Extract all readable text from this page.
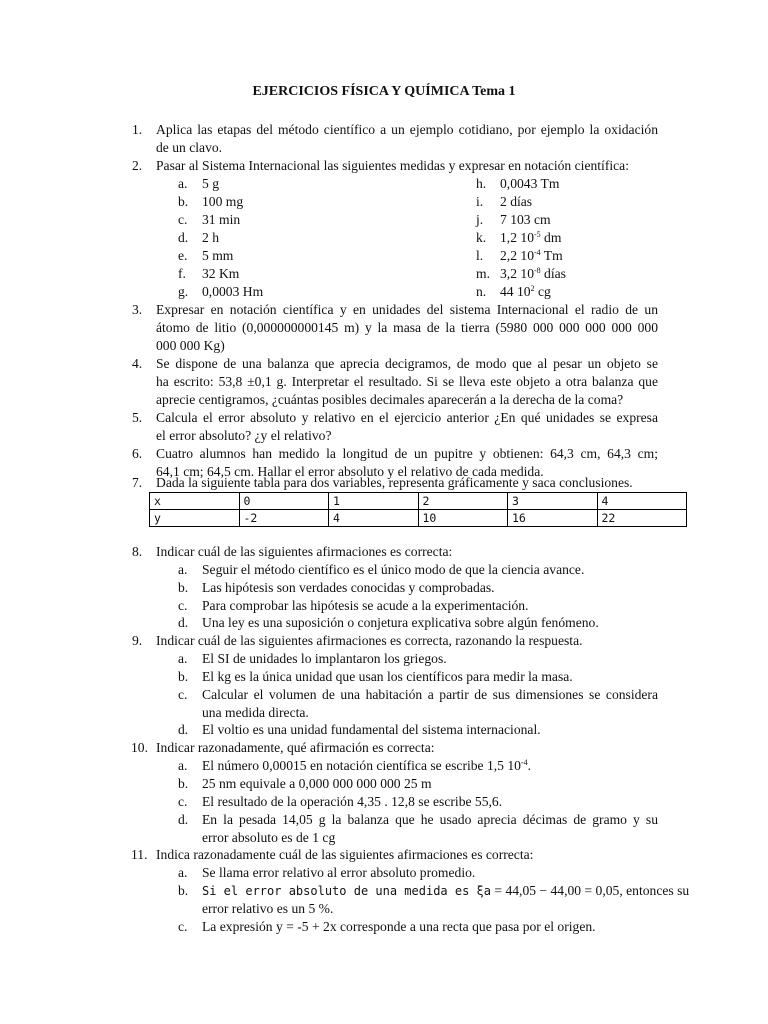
EJERCICIOS FÍSICA Y QUÍMICA Tema 1
1. Aplica las etapas del método científico a un ejemplo cotidiano, por ejemplo la oxidación
de un clavo.
2. Pasar al Sistema Internacional las siguientes medidas y expresar en notación científica:
a. 5 g
b. 100 mg
c. 31 min
d. 2 h
e. 5 mm
f. 32 Km
g. 0,0003 Hm
h. 0,0043 Tm
i. 2 días
j. 7 103 cm
k. 1,2 $10^{-5}$ dm
l. 2,2 $10^{-4}$ Tm
m. 3,2 $10^{-8}$ días
n. 44 $10^2$ cg
3. Expresar en notación científica y en unidades del sistema Internacional el radio de un
átomo de litio (0,000000000145 m) y la masa de la tierra (5980 000 000 000 000 000
000 000 Kg)
4. Se dispone de una balanza que aprecia decigramos, de modo que al pesar un objeto se
ha escrito: 53,8 ±0,1 g. Interpretar el resultado. Si se lleva este objeto a otra balanza que
aprecie centigramos, ¿cuántas posibles decimales aparecerán a la derecha de la coma?
5. Calcula el error absoluto y relativo en el ejercicio anterior ¿En qué unidades se expresa
el error absoluto? ¿y el relativo?
6. Cuatro alumnos han medido la longitud de un pupitre y obtienen: 64,3 cm, 64,3 cm;
64,1 cm; 64,5 cm. Hallar el error absoluto y el relativo de cada medida.
7. Dada la siguiente tabla para dos variables, representa gráficamente y saca conclusiones.
x	0	1	2	3	4
y	-2	4	10	16	22
8. Indicar cuál de las siguientes afirmaciones es correcta:
a. Seguir el método científico es el único modo de que la ciencia avance.
b. Las hipótesis son verdades conocidas y comprobadas.
c. Para comprobar las hipótesis se acude a la experimentación.
d. Una ley es una suposición o conjetura explicativa sobre algún fenómeno.
9. Indicar cuál de las siguientes afirmaciones es correcta, razonando la respuesta.
a. El SI de unidades lo implantaron los griegos.
b. El kg es la única unidad que usan los científicos para medir la masa.
c. Calcular el volumen de una habitación a partir de sus dimensiones se considera
una medida directa.
d. El voltio es una unidad fundamental del sistema internacional.
10. Indicar razonadamente, qué afirmación es correcta:
a. El número 0,00015 en notación científica se escribe 1,5 $10^{-4}$.
b. 25 nm equivale a 0,000 000 000 000 25 m
c. El resultado de la operación 4,35 . 12,8 se escribe 55,6.
d. En la pesada 14,05 g la balanza que he usado aprecia décimas de gramo y su
error absoluto es de 1 cg
11. Indica razonadamente cuál de las siguientes afirmaciones es correcta:
a. Se llama error relativo al error absoluto promedio.
b. Si el error absoluto de una medida es ξa = 44,05 − 44,00 = 0,05, entonces su
error relativo es un 5 %.
c. La expresión y = -5 + 2x corresponde a una recta que pasa por el origen.
